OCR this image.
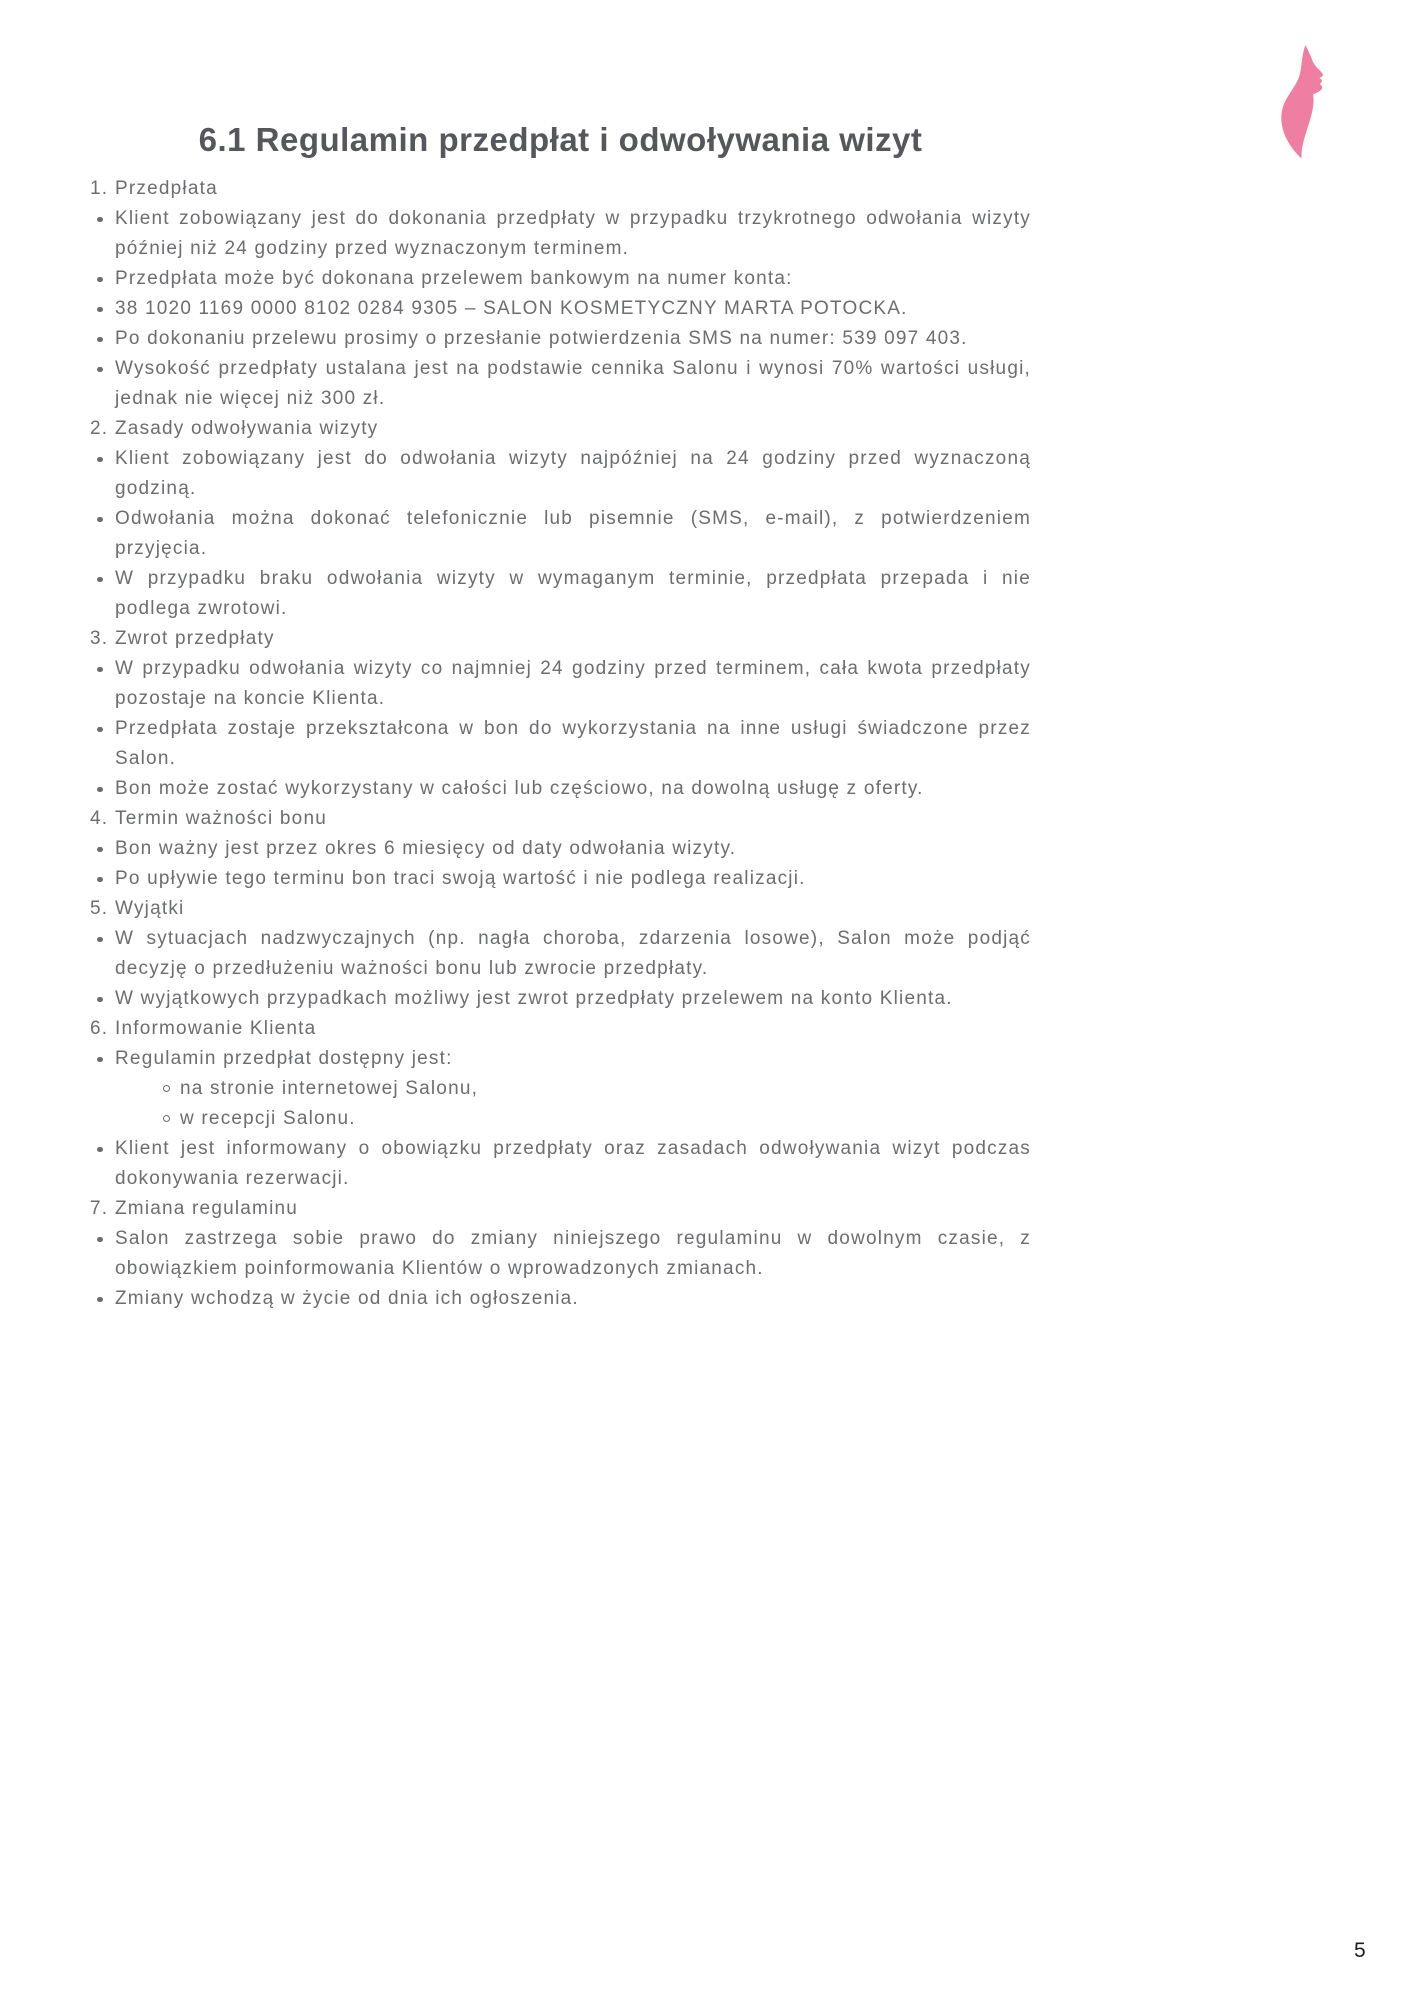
6.1 Regulamin przedpłat i odwoływania wizyt
1. Przedpłata
Klient zobowiązany jest do dokonania przedpłaty w przypadku trzykrotnego odwołania wizyty później niż 24 godziny przed wyznaczonym terminem.
Przedpłata może być dokonana przelewem bankowym na numer konta:
38 1020 1169 0000 8102 0284 9305 – SALON KOSMETYCZNY MARTA POTOCKA.
Po dokonaniu przelewu prosimy o przesłanie potwierdzenia SMS na numer: 539 097 403.
Wysokość przedpłaty ustalana jest na podstawie cennika Salonu i wynosi 70% wartości usługi, jednak nie więcej niż 300 zł.
2. Zasady odwoływania wizyty
Klient zobowiązany jest do odwołania wizyty najpóźniej na 24 godziny przed wyznaczoną godziną.
Odwołania można dokonać telefonicznie lub pisemnie (SMS, e-mail), z potwierdzeniem przyjęcia.
W przypadku braku odwołania wizyty w wymaganym terminie, przedpłata przepada i nie podlega zwrotowi.
3. Zwrot przedpłaty
W przypadku odwołania wizyty co najmniej 24 godziny przed terminem, cała kwota przedpłaty pozostaje na koncie Klienta.
Przedpłata zostaje przekształcona w bon do wykorzystania na inne usługi świadczone przez Salon.
Bon może zostać wykorzystany w całości lub częściowo, na dowolną usługę z oferty.
4. Termin ważności bonu
Bon ważny jest przez okres 6 miesięcy od daty odwołania wizyty.
Po upływie tego terminu bon traci swoją wartość i nie podlega realizacji.
5. Wyjątki
W sytuacjach nadzwyczajnych (np. nagła choroba, zdarzenia losowe), Salon może podjąć decyzję o przedłużeniu ważności bonu lub zwrocie przedpłaty.
W wyjątkowych przypadkach możliwy jest zwrot przedpłaty przelewem na konto Klienta.
6. Informowanie Klienta
Regulamin przedpłat dostępny jest:
na stronie internetowej Salonu,
w recepcji Salonu.
Klient jest informowany o obowiązku przedpłaty oraz zasadach odwoływania wizyt podczas dokonywania rezerwacji.
7. Zmiana regulaminu
Salon zastrzega sobie prawo do zmiany niniejszego regulaminu w dowolnym czasie, z obowiązkiem poinformowania Klientów o wprowadzonych zmianach.
Zmiany wchodzą w życie od dnia ich ogłoszenia.
5
